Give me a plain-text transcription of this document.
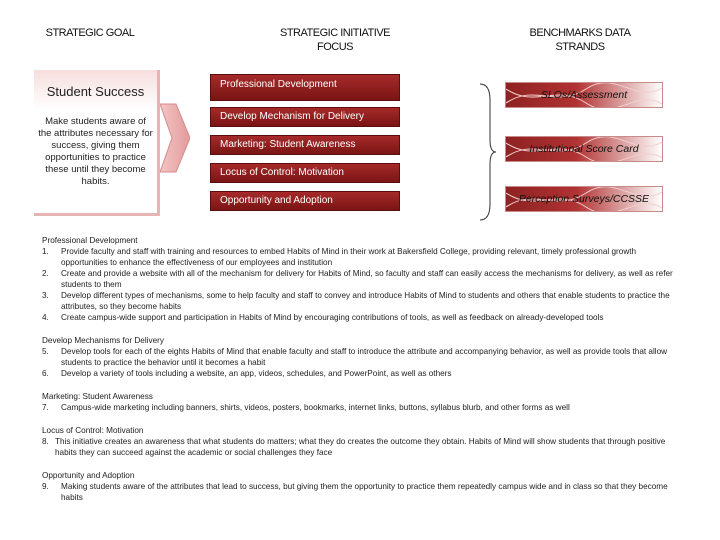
STRATEGIC GOAL	STRATEGIC INITIATIVE FOCUS
BENCHMARKS DATA STRANDS
Student Success
Make students aware of the attributes necessary for success, giving them opportunities to practice these until they become habits.
Professional Development
Develop Mechanism for Delivery
Marketing: Student Awareness
Locus of Control: Motivation
Opportunity and Adoption
SLOs/Assessment
Institutional Score Card
Perception Surveys/CCSSE
Professional Development
1.	Provide faculty and staff with training and resources to embed Habits of Mind in their work at Bakersfield College, providing relevant, timely professional growth opportunities to enhance the effectiveness of our employees and institution
2.	Create and provide a website with all of the mechanism for delivery for Habits of Mind, so faculty and staff can easily access the mechanisms for delivery, as well as refer students to them
3.	Develop different types of mechanisms, some to help faculty and staff to convey and introduce Habits of Mind to students and others that enable students to practice the attributes, so they become habits
4.	Create campus-wide support and participation in Habits of Mind by encouraging contributions of tools, as well as feedback on already-developed tools
Develop Mechanisms for Delivery
5.	Develop tools for each of the eights Habits of Mind that enable faculty and staff to introduce the attribute and accompanying behavior, as well as provide tools that allow students to practice the behavior until it becomes a habit
6.	Develop a variety of tools including a website, an app, videos, schedules, and PowerPoint, as well as others
Marketing: Student Awareness
7.	Campus-wide marketing including banners, shirts, videos, posters, bookmarks, internet links, buttons, syllabus blurb, and other forms as well
Locus of Control: Motivation
8. This initiative creates an awareness that what students do matters; what they do creates the outcome they obtain. Habits of Mind will show students that through positive habits they can succeed against the academic or social challenges they face
Opportunity and Adoption
9.	Making students aware of the attributes that lead to success, but giving them the opportunity to practice them repeatedly campus wide and in class so that they become habits
